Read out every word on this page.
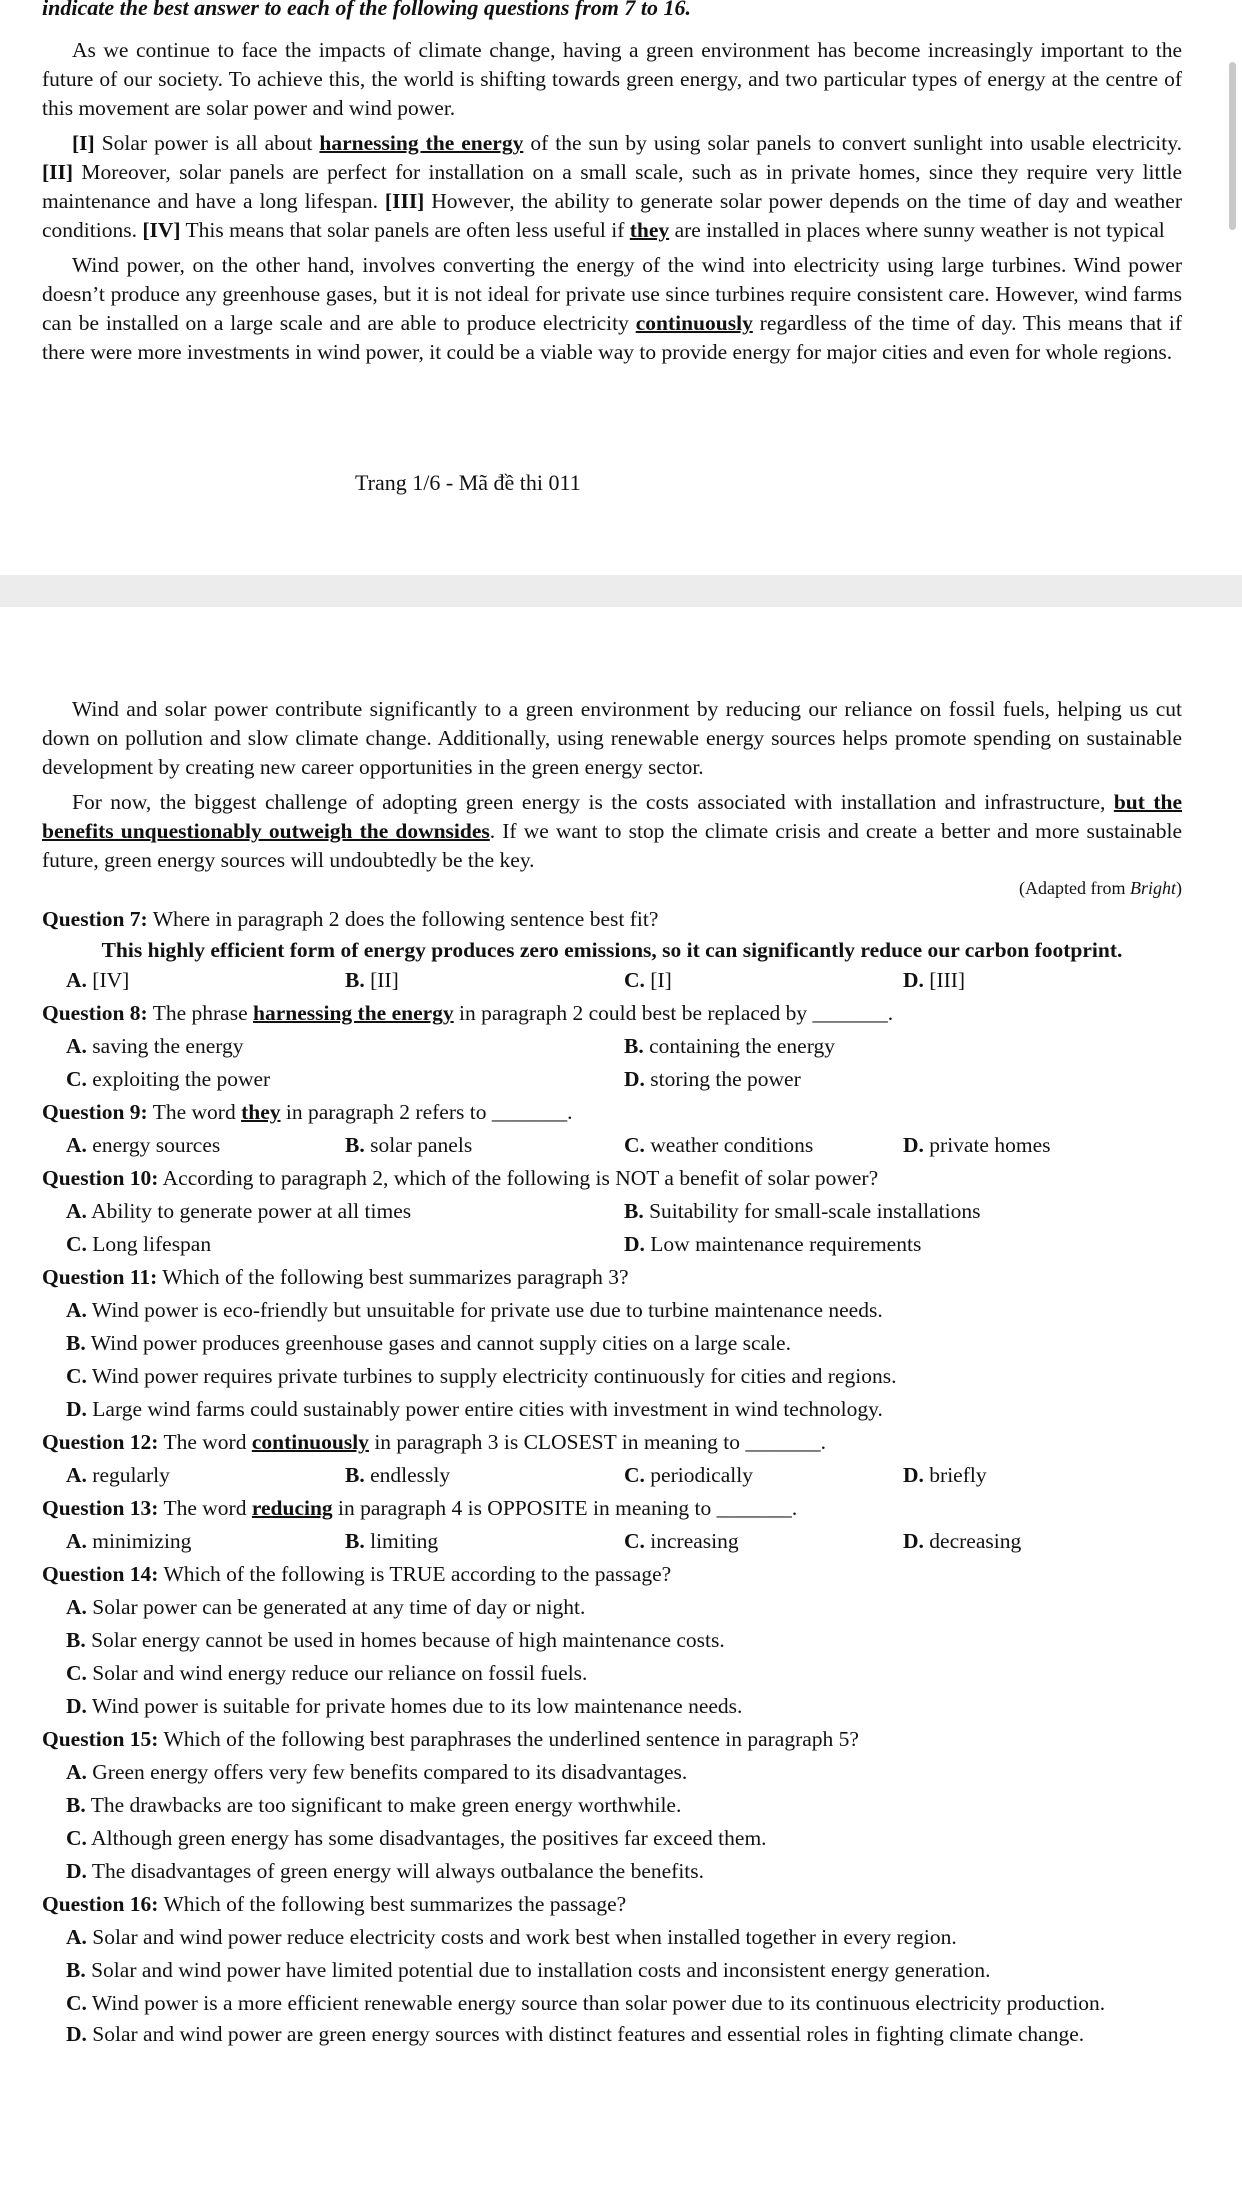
indicate the best answer to each of the following questions from 7 to 16.

As we continue to face the impacts of climate change, having a green environment has become increasingly important to the future of our society. To achieve this, the world is shifting towards green energy, and two particular types of energy at the centre of this movement are solar power and wind power.

[I] Solar power is all about harnessing the energy of the sun by using solar panels to convert sunlight into usable electricity. [II] Moreover, solar panels are perfect for installation on a small scale, such as in private homes, since they require very little maintenance and have a long lifespan. [III] However, the ability to generate solar power depends on the time of day and weather conditions. [IV] This means that solar panels are often less useful if they are installed in places where sunny weather is not typical

Wind power, on the other hand, involves converting the energy of the wind into electricity using large turbines. Wind power doesn’t produce any greenhouse gases, but it is not ideal for private use since turbines require consistent care. However, wind farms can be installed on a large scale and are able to produce electricity continuously regardless of the time of day. This means that if there were more investments in wind power, it could be a viable way to provide energy for major cities and even for whole regions.

Trang 1/6 - Mã đề thi 011

Wind and solar power contribute significantly to a green environment by reducing our reliance on fossil fuels, helping us cut down on pollution and slow climate change. Additionally, using renewable energy sources helps promote spending on sustainable development by creating new career opportunities in the green energy sector.

For now, the biggest challenge of adopting green energy is the costs associated with installation and infrastructure, but the benefits unquestionably outweigh the downsides. If we want to stop the climate crisis and create a better and more sustainable future, green energy sources will undoubtedly be the key.

(Adapted from Bright)
Question 7: Where in paragraph 2 does the following sentence best fit?
This highly efficient form of energy produces zero emissions, so it can significantly reduce our carbon footprint.
A. [IV]	B. [II]	C. [I]	D. [III]
Question 8: The phrase harnessing the energy in paragraph 2 could best be replaced by _______.
A. saving the energy	B. containing the energy
C. exploiting the power	D. storing the power
Question 9: The word they in paragraph 2 refers to _______.
A. energy sources	B. solar panels	C. weather conditions	D. private homes
Question 10: According to paragraph 2, which of the following is NOT a benefit of solar power?
A. Ability to generate power at all times	B. Suitability for small-scale installations
C. Long lifespan	D. Low maintenance requirements
Question 11: Which of the following best summarizes paragraph 3?
A. Wind power is eco-friendly but unsuitable for private use due to turbine maintenance needs.
B. Wind power produces greenhouse gases and cannot supply cities on a large scale.
C. Wind power requires private turbines to supply electricity continuously for cities and regions.
D. Large wind farms could sustainably power entire cities with investment in wind technology.
Question 12: The word continuously in paragraph 3 is CLOSEST in meaning to _______.
A. regularly	B. endlessly	C. periodically	D. briefly
Question 13: The word reducing in paragraph 4 is OPPOSITE in meaning to _______.
A. minimizing	B. limiting	C. increasing	D. decreasing
Question 14: Which of the following is TRUE according to the passage?
A. Solar power can be generated at any time of day or night.
B. Solar energy cannot be used in homes because of high maintenance costs.
C. Solar and wind energy reduce our reliance on fossil fuels.
D. Wind power is suitable for private homes due to its low maintenance needs.
Question 15: Which of the following best paraphrases the underlined sentence in paragraph 5?
A. Green energy offers very few benefits compared to its disadvantages.
B. The drawbacks are too significant to make green energy worthwhile.
C. Although green energy has some disadvantages, the positives far exceed them.
D. The disadvantages of green energy will always outbalance the benefits.
Question 16: Which of the following best summarizes the passage?
A. Solar and wind power reduce electricity costs and work best when installed together in every region.
B. Solar and wind power have limited potential due to installation costs and inconsistent energy generation.
C. Wind power is a more efficient renewable energy source than solar power due to its continuous electricity production.
D. Solar and wind power are green energy sources with distinct features and essential roles in fighting climate change.
